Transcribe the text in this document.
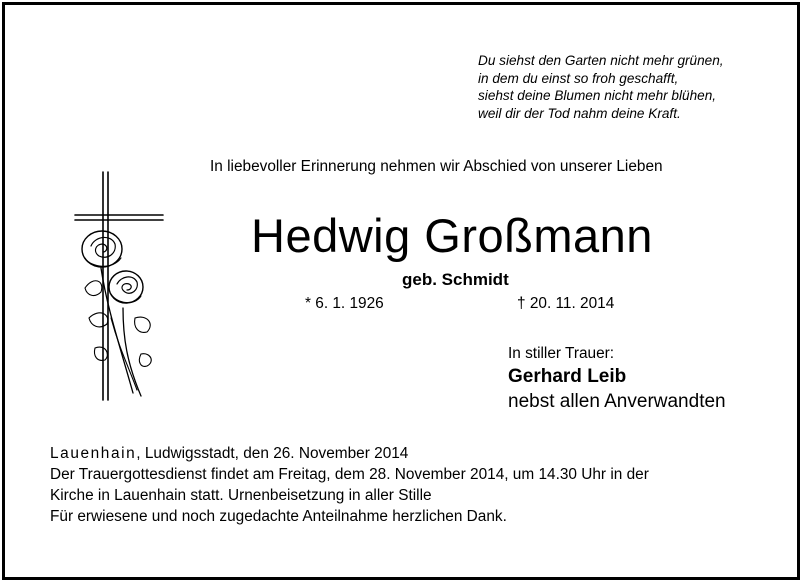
Du siehst den Garten nicht mehr grünen,
in dem du einst so froh geschafft,
siehst deine Blumen nicht mehr blühen,
weil dir der Tod nahm deine Kraft.
In liebevoller Erinnerung nehmen wir Abschied von unserer Lieben
Hedwig Großmann
geb. Schmidt
* 6. 1. 1926	† 20. 11. 2014
In stiller Trauer:
Gerhard Leib
nebst allen Anverwandten
Lauenhain, Ludwigsstadt, den 26. November 2014
Der Trauergottesdienst findet am Freitag, dem 28. November 2014, um 14.30 Uhr in der
Kirche in Lauenhain statt. Urnenbeisetzung in aller Stille
Für erwiesene und noch zugedachte Anteilnahme herzlichen Dank.
